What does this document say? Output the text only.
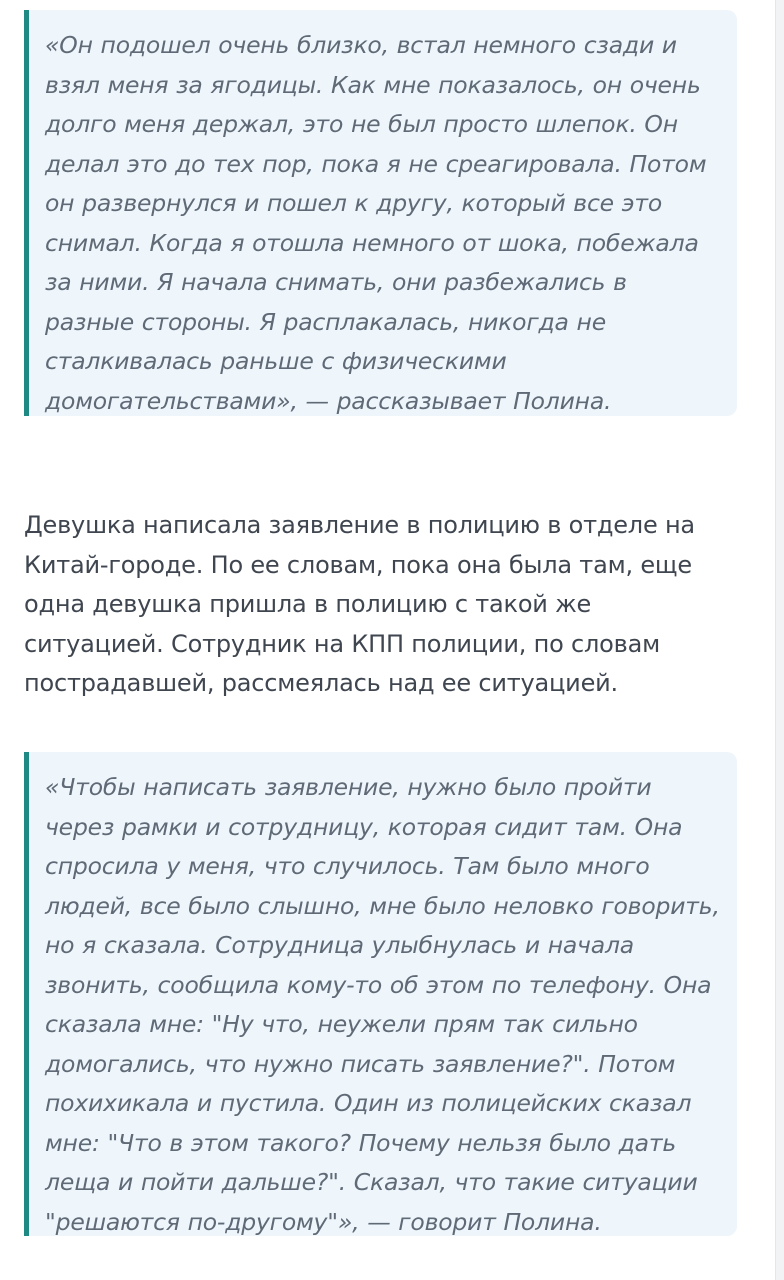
«Он подошел очень близко, встал немного сзади и взял меня за ягодицы. Как мне показалось, он очень долго меня держал, это не был просто шлепок. Он делал это до тех пор, пока я не среагировала. Потом он развернулся и пошел к другу, который все это снимал. Когда я отошла немного от шока, побежала за ними. Я начала снимать, они разбежались в разные стороны. Я расплакалась, никогда не сталкивалась раньше с физическими домогательствами», — рассказывает Полина.

Девушка написала заявление в полицию в отделе на Китай-городе. По ее словам, пока она была там, еще одна девушка пришла в полицию с такой же ситуацией. Сотрудник на КПП полиции, по словам пострадавшей, рассмеялась над ее ситуацией.

«Чтобы написать заявление, нужно было пройти через рамки и сотрудницу, которая сидит там. Она спросила у меня, что случилось. Там было много людей, все было слышно, мне было неловко говорить, но я сказала. Сотрудница улыбнулась и начала звонить, сообщила кому-то об этом по телефону. Она сказала мне: "Ну что, неужели прям так сильно домогались, что нужно писать заявление?". Потом похихикала и пустила. Один из полицейских сказал мне: "Что в этом такого? Почему нельзя было дать леща и пойти дальше?". Сказал, что такие ситуации "решаются по-другому"», — говорит Полина.
